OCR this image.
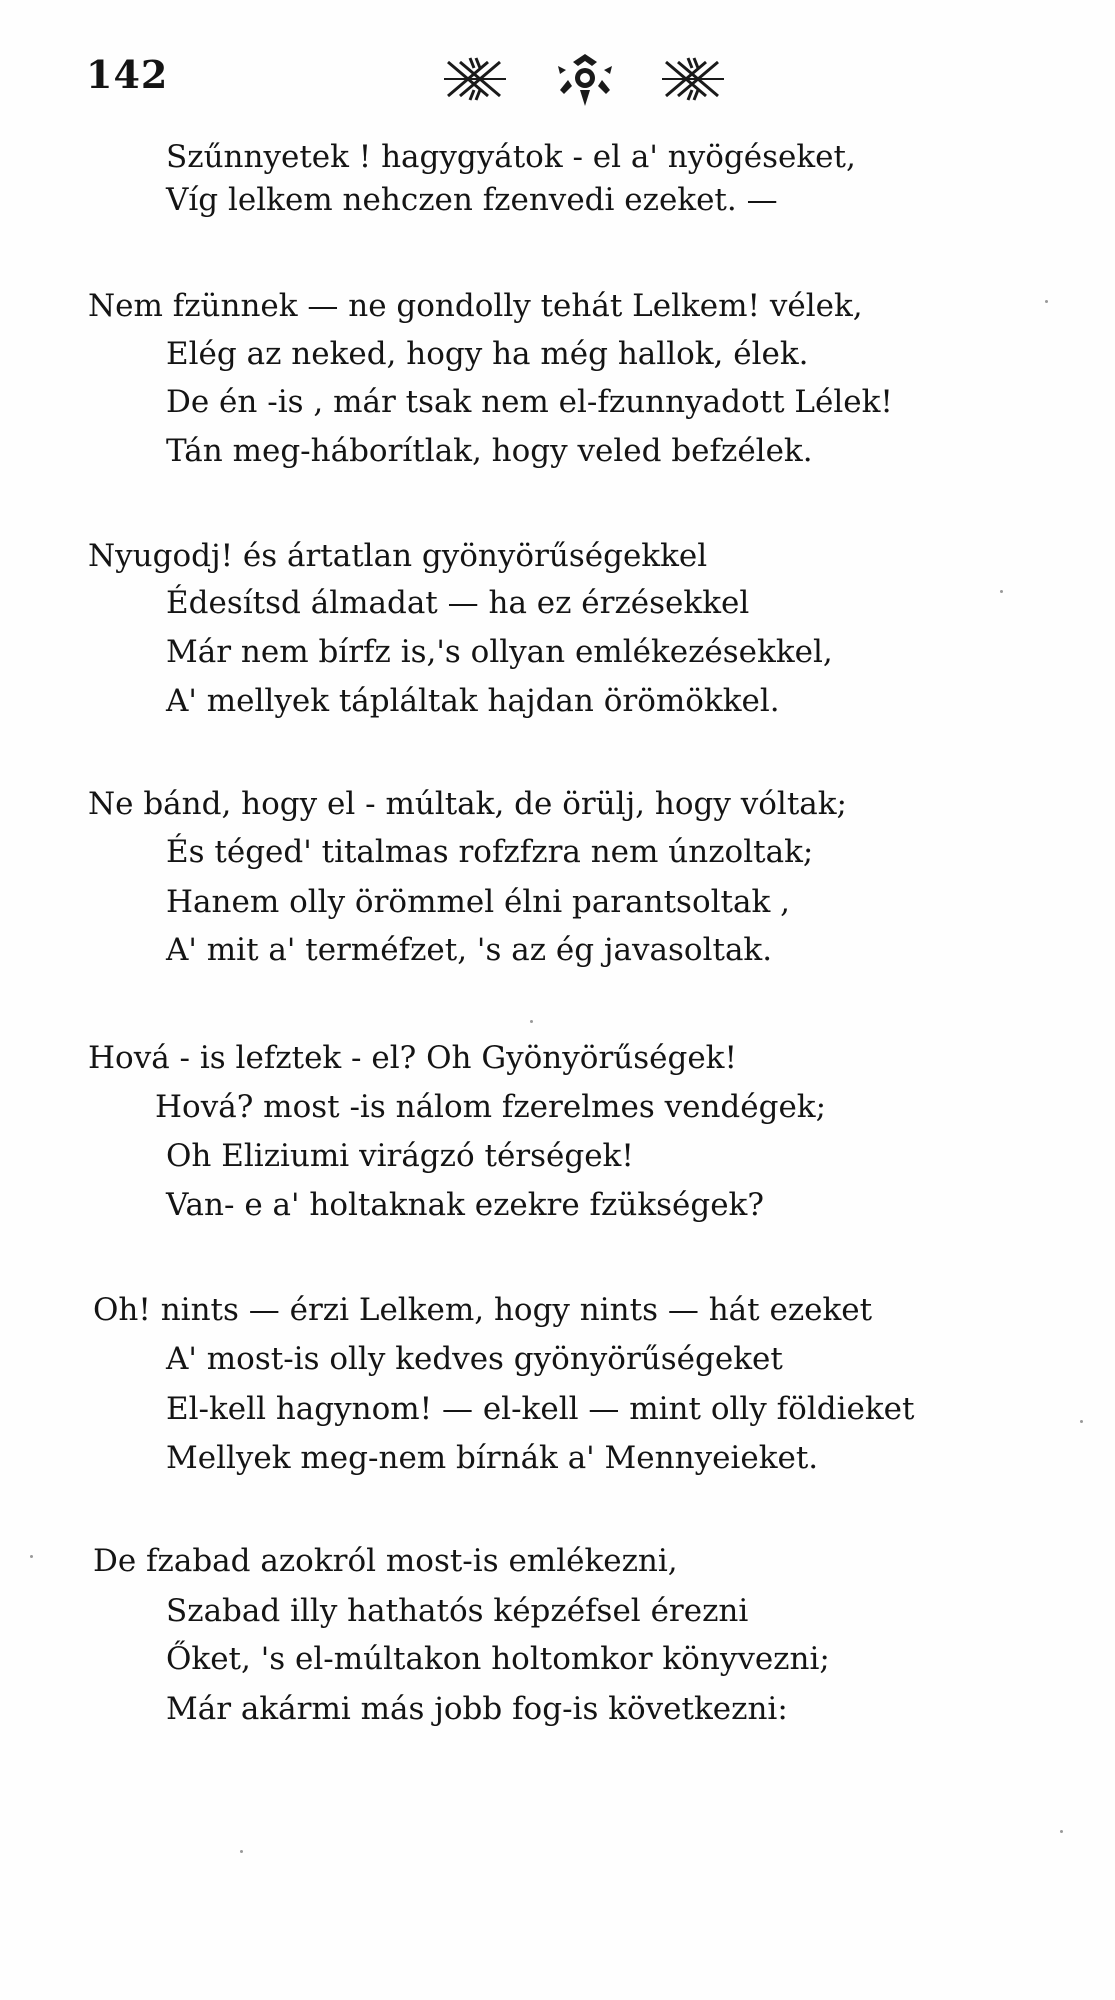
142
Szűnnyetek ! hagygyátok - el a' nyögéseket,
Víg lelkem nehczen fzenvedi ezeket. —
Nem fzünnek — ne gondolly tehát Lelkem! vélek,
Elég az neked, hogy ha még hallok, élek.
De én -is , már tsak nem el-fzunnyadott Lélek!
Tán meg-háborítlak, hogy veled befzélek.
Nyugodj! és ártatlan gyönyörűségekkel
Édesítsd álmadat — ha ez érzésekkel
Már nem bírfz is,'s ollyan emlékezésekkel,
A' mellyek tápláltak hajdan örömökkel.
Ne bánd, hogy el - múltak, de örülj, hogy vóltak;
És téged' titalmas rofzfzra nem únzoltak;
Hanem olly örömmel élni parantsoltak ,
A' mit a' terméfzet, 's az ég javasoltak.
Hová - is lefztek - el? Oh Gyönyörűségek!
Hová? most -is nálom fzerelmes vendégek;
Oh Eliziumi virágzó térségek!
Van- e a' holtaknak ezekre fzükségek?
Oh! nints — érzi Lelkem, hogy nints — hát ezeket
A' most-is olly kedves gyönyörűségeket
El-kell hagynom! — el-kell — mint olly földieket
Mellyek meg-nem bírnák a' Mennyeieket.
De fzabad azokról most-is emlékezni,
Szabad illy hathatós képzéfsel érezni
Őket, 's el-múltakon holtomkor könyvezni;
Már akármi más jobb fog-is következni:
